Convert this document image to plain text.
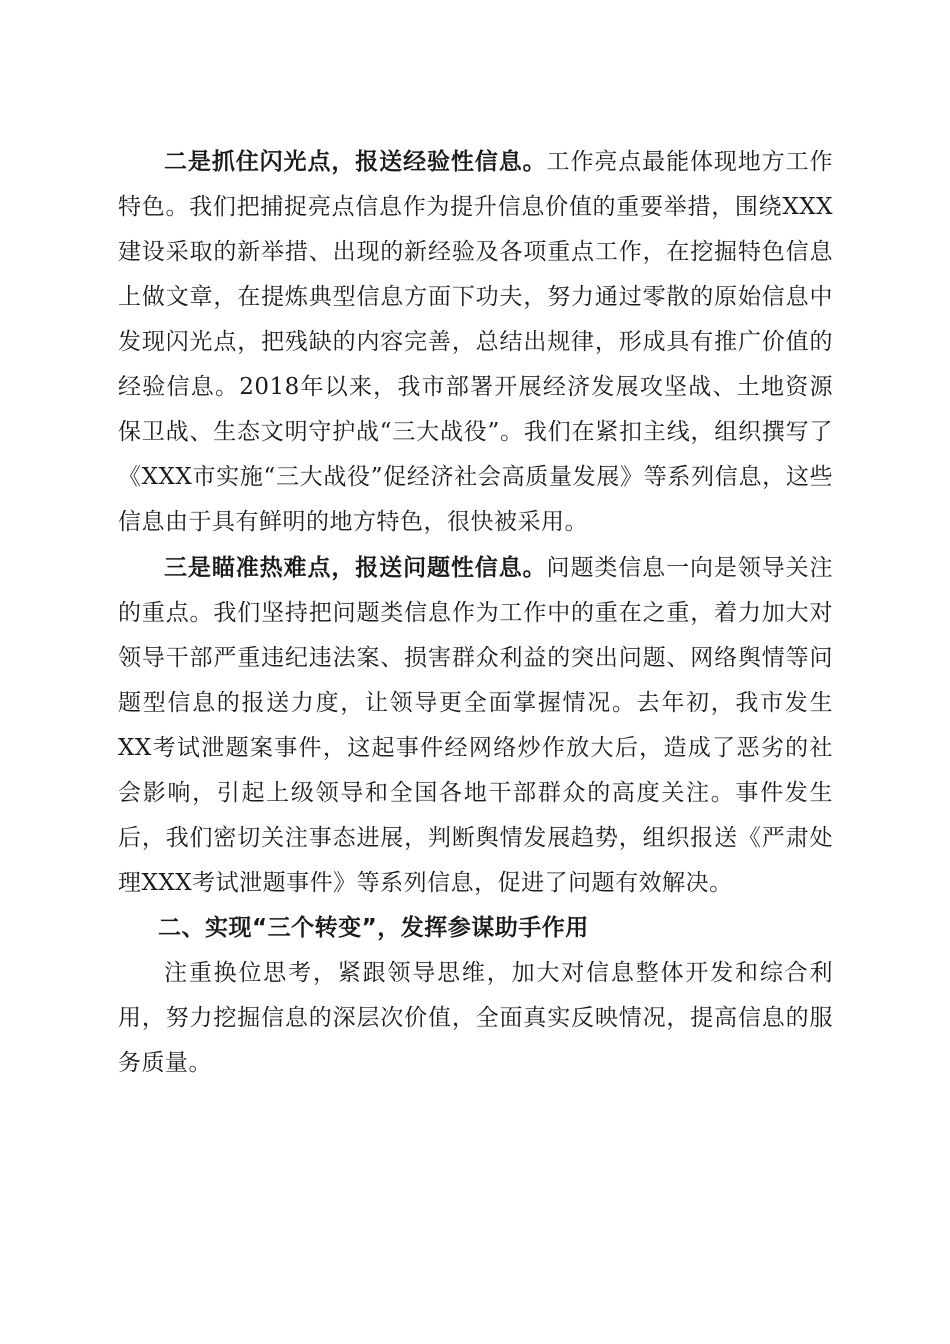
二是抓住闪光点，报送经验性信息。工作亮点最能体现地方工作特色。我们把捕捉亮点信息作为提升信息价值的重要举措，围绕XXX建设采取的新举措、出现的新经验及各项重点工作，在挖掘特色信息上做文章，在提炼典型信息方面下功夫，努力通过零散的原始信息中发现闪光点，把残缺的内容完善，总结出规律，形成具有推广价值的经验信息。2018年以来，我市部署开展经济发展攻坚战、土地资源保卫战、生态文明守护战“三大战役”。我们在紧扣主线，组织撰写了《XXX市实施“三大战役”促经济社会高质量发展》等系列信息，这些信息由于具有鲜明的地方特色，很快被采用。

三是瞄准热难点，报送问题性信息。问题类信息一向是领导关注的重点。我们坚持把问题类信息作为工作中的重在之重，着力加大对领导干部严重违纪违法案、损害群众利益的突出问题、网络舆情等问题型信息的报送力度，让领导更全面掌握情况。去年初，我市发生XX考试泄题案事件，这起事件经网络炒作放大后，造成了恶劣的社会影响，引起上级领导和全国各地干部群众的高度关注。事件发生后，我们密切关注事态进展，判断舆情发展趋势，组织报送《严肃处理XXX考试泄题事件》等系列信息，促进了问题有效解决。

二、实现“三个转变”，发挥参谋助手作用

注重换位思考，紧跟领导思维，加大对信息整体开发和综合利用，努力挖掘信息的深层次价值，全面真实反映情况，提高信息的服务质量。
